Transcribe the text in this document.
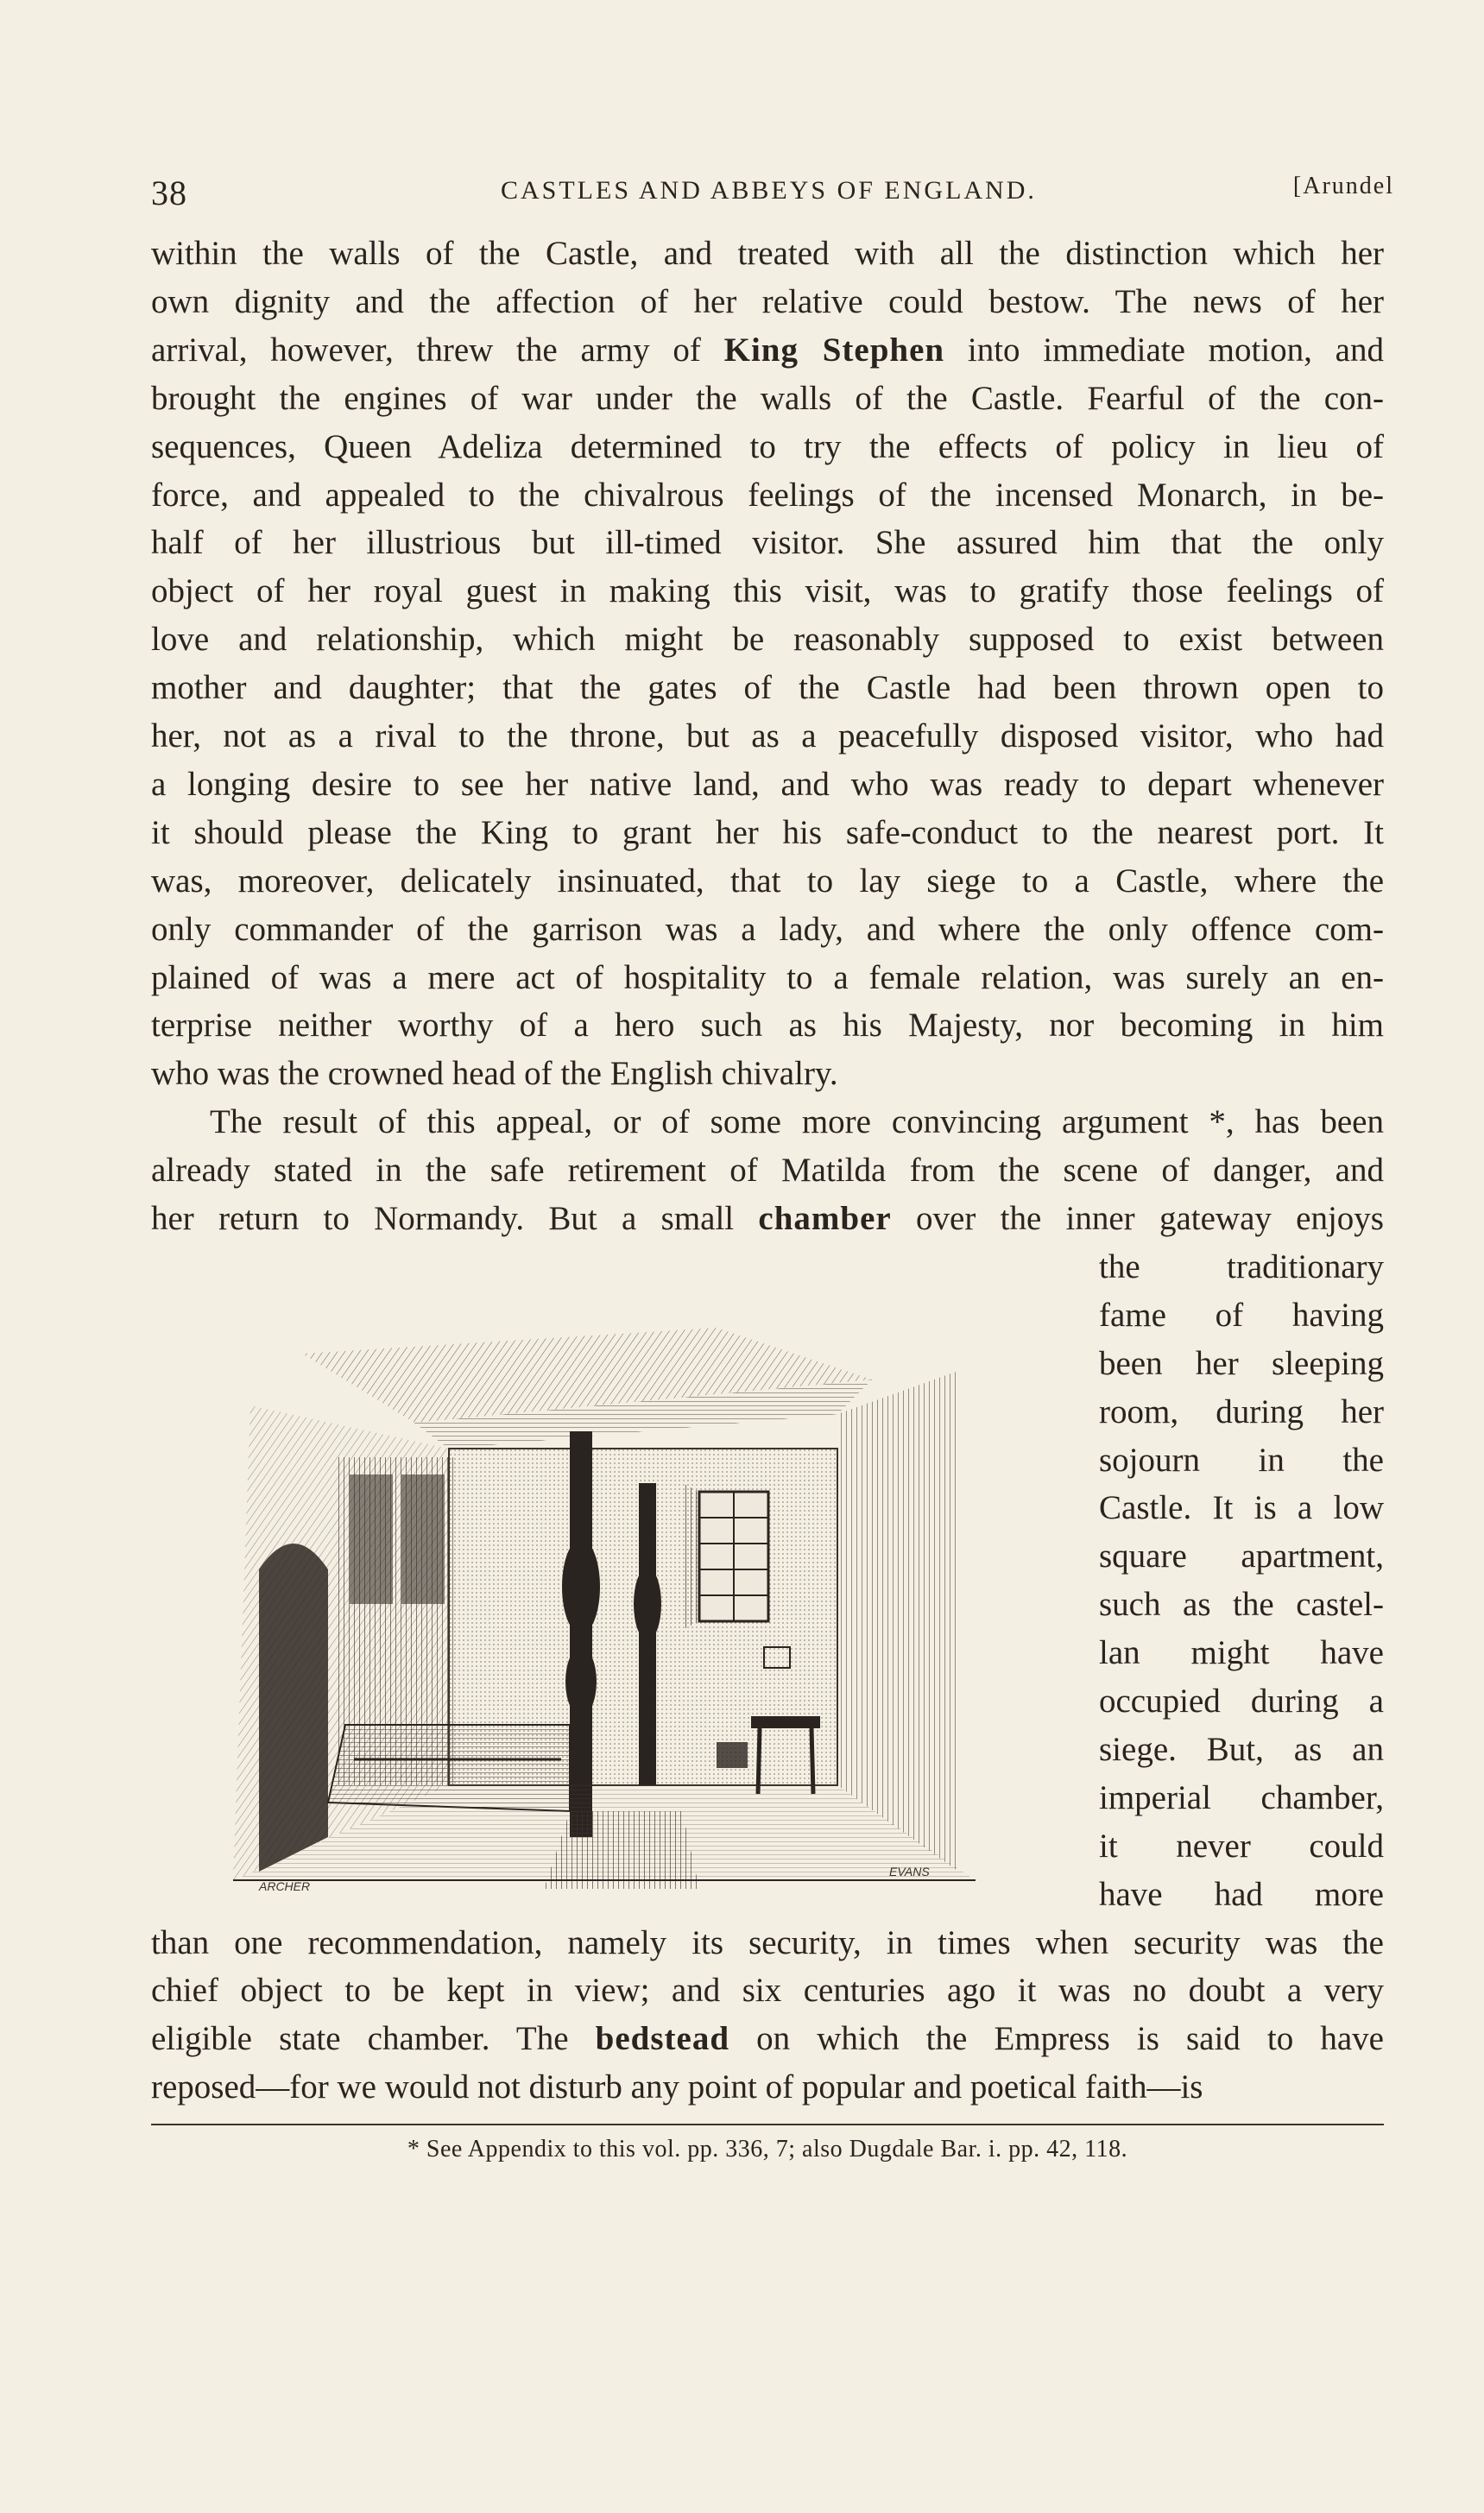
38	CASTLES AND ABBEYS OF ENGLAND.	[Arundel
within the walls of the Castle, and treated with all the distinction which her
own dignity and the affection of her relative could bestow. The news of her
arrival, however, threw the army of King Stephen into immediate motion, and
brought the engines of war under the walls of the Castle. Fearful of the con-
sequences, Queen Adeliza determined to try the effects of policy in lieu of
force, and appealed to the chivalrous feelings of the incensed Monarch, in be-
half of her illustrious but ill-timed visitor. She assured him that the only
object of her royal guest in making this visit, was to gratify those feelings of
love and relationship, which might be reasonably supposed to exist between
mother and daughter; that the gates of the Castle had been thrown open to
her, not as a rival to the throne, but as a peacefully disposed visitor, who had
a longing desire to see her native land, and who was ready to depart whenever
it should please the King to grant her his safe-conduct to the nearest port. It
was, moreover, delicately insinuated, that to lay siege to a Castle, where the
only commander of the garrison was a lady, and where the only offence com-
plained of was a mere act of hospitality to a female relation, was surely an en-
terprise neither worthy of a hero such as his Majesty, nor becoming in him
who was the crowned head of the English chivalry.
The result of this appeal, or of some more convincing argument *, has been
already stated in the safe retirement of Matilda from the scene of danger, and
her return to Normandy. But a small chamber over the inner gateway enjoys
the traditionary
fame of having
been her sleeping
room, during her
sojourn in the
Castle. It is a low
square apartment,
such as the castel-
lan might have
occupied during a
siege. But, as an
imperial chamber,
it never could
have had more
than one recommendation, namely its security, in times when security was the
chief object to be kept in view; and six centuries ago it was no doubt a very
eligible state chamber. The bedstead on which the Empress is said to have
reposed—for we would not disturb any point of popular and poetical faith—is
ARCHER
EVANS
* See Appendix to this vol. pp. 336, 7; also Dugdale Bar. i. pp. 42, 118.
